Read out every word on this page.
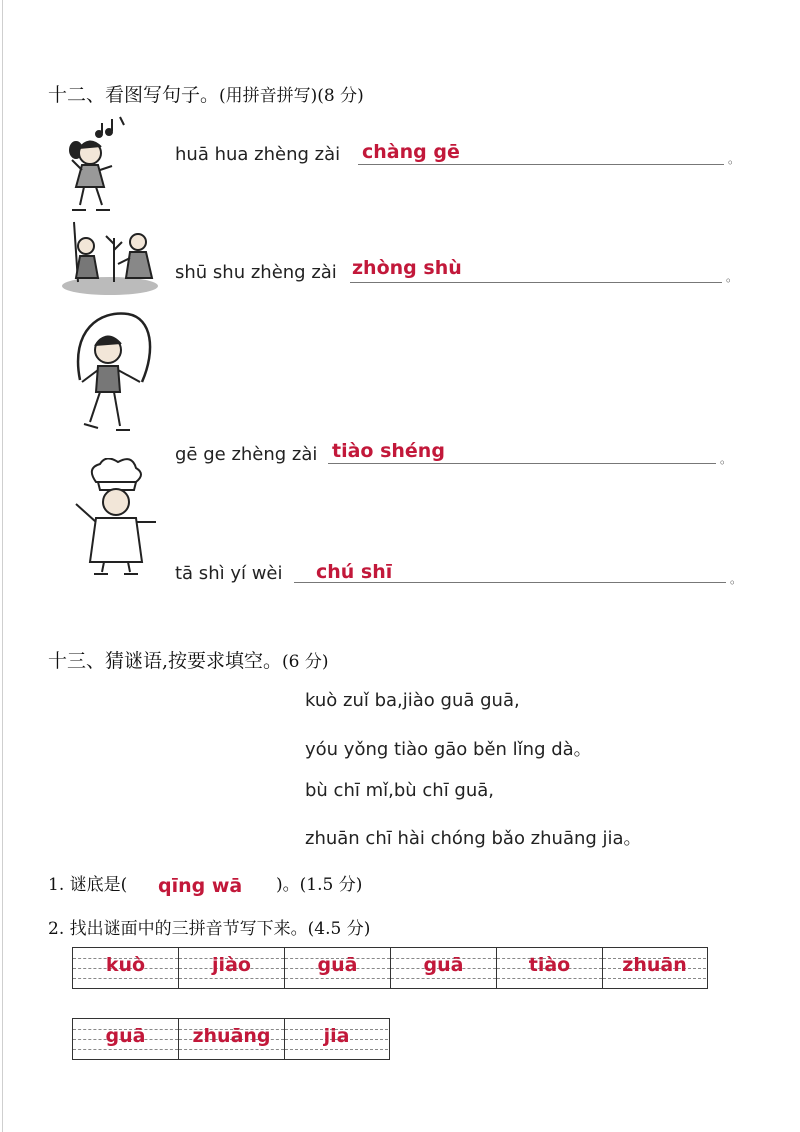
十二、看图写句子。(用拼音拼写)(8 分)
huā hua zhèng zài chàng gē	。
shū shu zhèng zài zhòng shù	。
gē ge zhèng zài tiào shéng	。
tā shì yí wèi chú shī	。
十三、猜谜语,按要求填空。(6 分)
kuò zuǐ ba,jiào guā guā,
yóu yǒng tiào gāo běn lǐng dà。
bù chī mǐ,bù chī guā,
zhuān chī hài chóng bǎo zhuāng jia。
1. 谜底是( qīng wā )。(1.5 分)
2. 找出谜面中的三拼音节写下来。(4.5 分)
kuò	jiào	guā	guā	tiào	zhuān
guā	zhuāng	jia
